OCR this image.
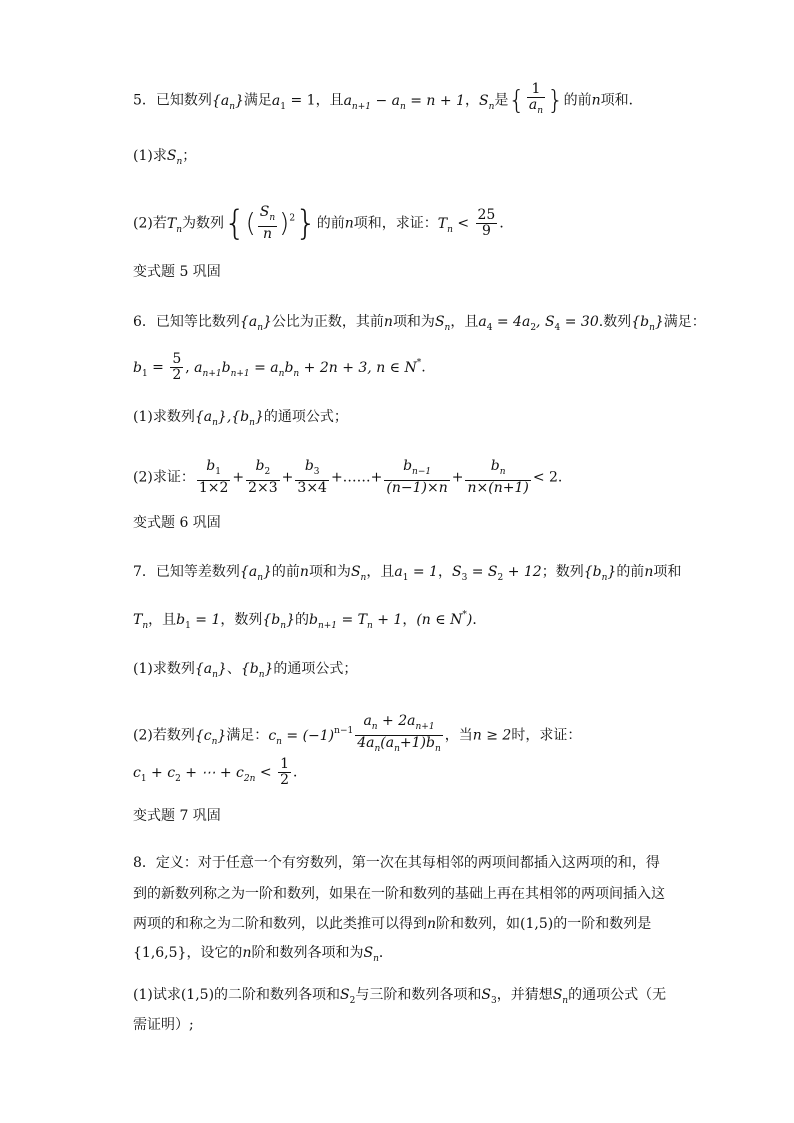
5．已知数列$\{a_n\}$满足$a_1 = 1$，且$a_{n+1} - a_n = n + 1$，$S_n$是{ $\frac{1}{a_n}$ }的前n项和．
(1)求$S_n$；
(2)若$T_n$为数列{( $\frac{S_n}{n} )^2$}的前n项和，求证：$T_n < \frac{25}{9}$ ．
变式题 5 巩固
6．已知等比数列$\{a_n\}$公比为正数，其前n项和为$S_n$，且$a_4 = 4a_2$, $S_4 = 30$.数列$\{b_n\}$满足：
$b_1 = \frac{5}{2}$ , $a_{n+1}b_{n+1} = a_nb_n + 2n + 3$, n ∈ N*.
(1)求数列$\{a_n\},\{b_n\}$的通项公式；
(2)求证： $\frac{b_1}{1\times 2} + \frac{b_2}{2\times 3} + \frac{b_3}{3\times 4}$ +……+ $\frac{b_{n-1}}{(n-1)\times n} + \frac{b_n}{n\times(n+1)} < 2$.
变式题 6 巩固
7．已知等差数列$\{a_n\}$的前n项和为$S_n$，且$a_1 = 1$，$S_3 = S_2 + 12$；数列$\{b_n\}$的前n项和
$T_n$，且$b_1 = 1$，数列$\{b_n\}$的$b_{n+1} = T_n + 1$，(n ∈ N*)．
(1)求数列$\{a_n\}$、$\{b_n\}$的通项公式；
(2)若数列$\{c_n\}$满足：$c_n = (-1)^{n-1} \frac{a_n + 2a_{n+1}}{4a_n(a_n+1)b_n}$ ，当n ≥ 2时，求证：
$c_1 + c_2$ + ⋯ + $c_{2n} < \frac{1}{2}$ ．
变式题 7 巩固
8．定义：对于任意一个有穷数列，第一次在其每相邻的两项间都插入这两项的和，得
到的新数列称之为一阶和数列，如果在一阶和数列的基础上再在其相邻的两项间插入这
两项的和称之为二阶和数列，以此类推可以得到n阶和数列，如(1,5)的一阶和数列是
{1,6,5}，设它的n阶和数列各项和为$S_n$．
(1)试求(1,5)的二阶和数列各项和$S_2$与三阶和数列各项和$S_3$，并猜想$S_n$的通项公式（无
需证明）;
